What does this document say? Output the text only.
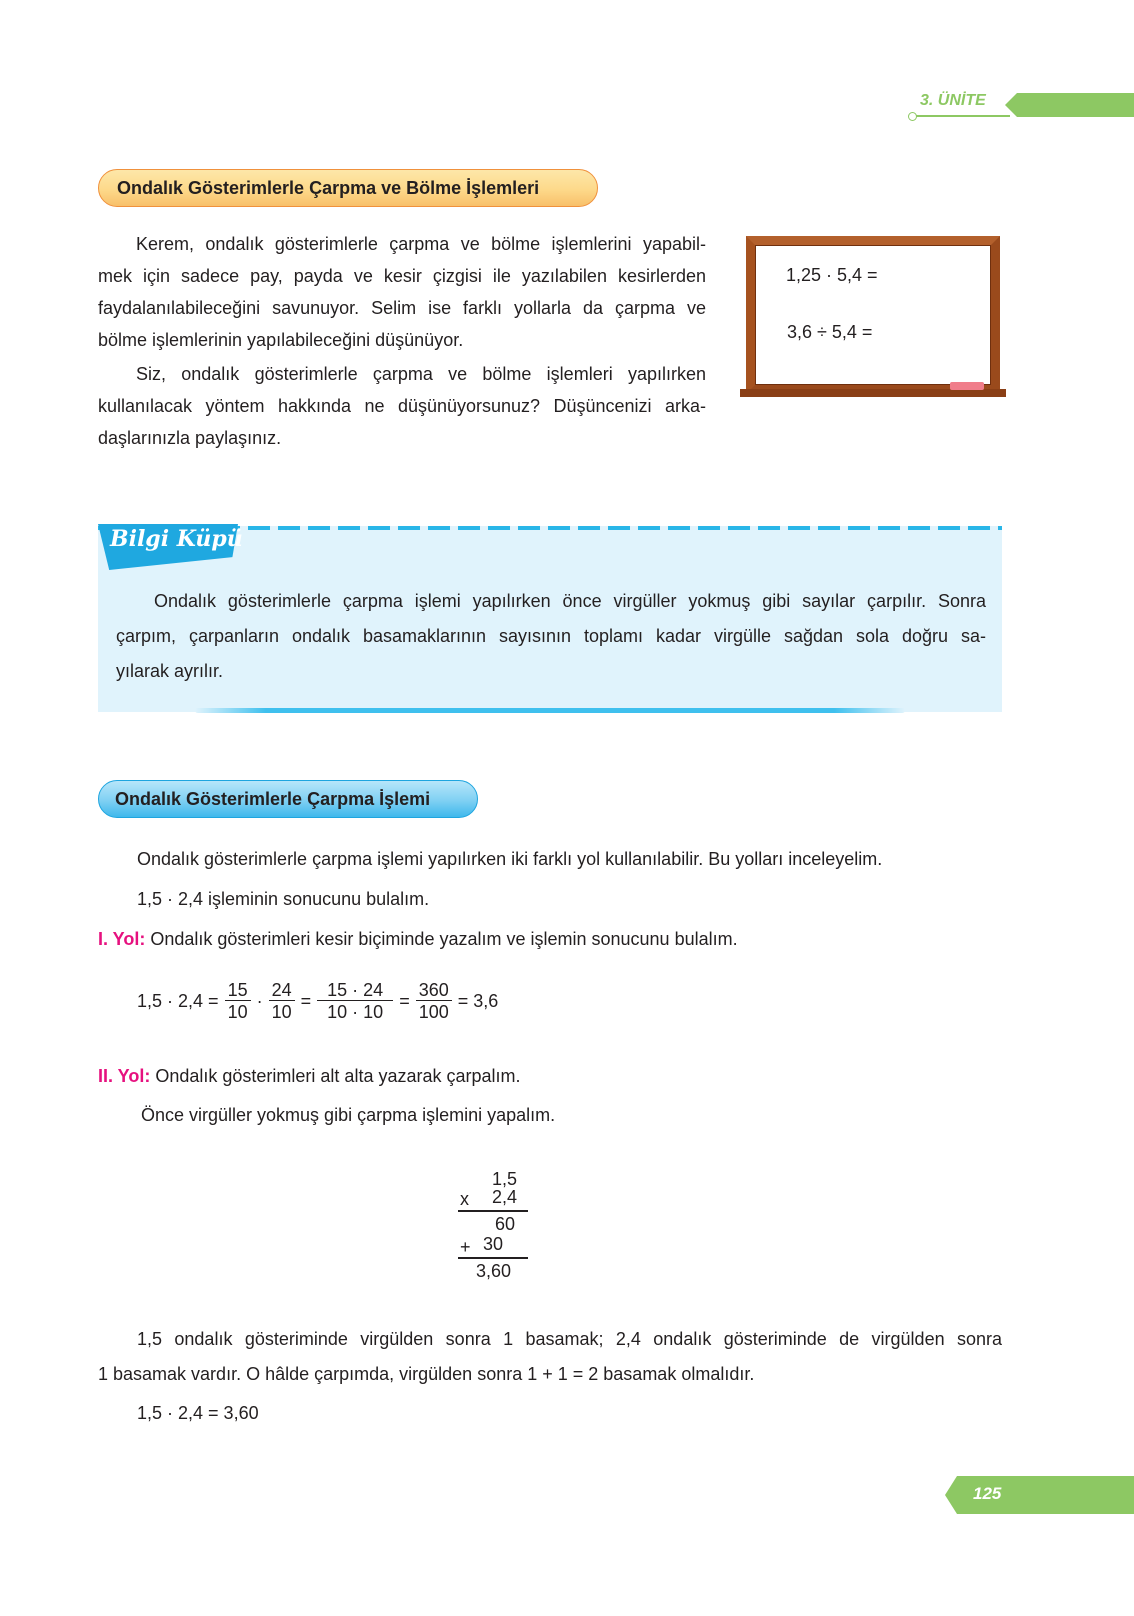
3. ÜNİTE
Ondalık Gösterimlerle Çarpma ve Bölme İşlemleri
Kerem, ondalık gösterimlerle çarpma ve bölme işlemlerini yapabil-
mek için sadece pay, payda ve kesir çizgisi ile yazılabilen kesirlerden
faydalanılabileceğini savunuyor. Selim ise farklı yollarla da çarpma ve
bölme işlemlerinin yapılabileceğini düşünüyor.
Siz, ondalık gösterimlerle çarpma ve bölme işlemleri yapılırken
kullanılacak yöntem hakkında ne düşünüyorsunuz? Düşüncenizi arka-
daşlarınızla paylaşınız.
1,25 · 5,4 =
3,6 ÷ 5,4 =
Bilgi Küpü
Ondalık gösterimlerle çarpma işlemi yapılırken önce virgüller yokmuş gibi sayılar çarpılır. Sonra
çarpım, çarpanların ondalık basamaklarının sayısının toplamı kadar virgülle sağdan sola doğru sa-
yılarak ayrılır.
Ondalık Gösterimlerle Çarpma İşlemi
Ondalık gösterimlerle çarpma işlemi yapılırken iki farklı yol kullanılabilir. Bu yolları inceleyelim.
1,5 · 2,4 işleminin sonucunu bulalım.
I. Yol: Ondalık gösterimleri kesir biçiminde yazalım ve işlemin sonucunu bulalım.
$1,5 \cdot 2,4 = \frac{15}{10} \cdot \frac{24}{10} = \frac{15 \cdot 24}{10 \cdot 10} = \frac{360}{100} = 3,6$
II. Yol: Ondalık gösterimleri alt alta yazarak çarpalım.
Önce virgüller yokmuş gibi çarpma işlemini yapalım.
1,5
x 2,4
60
+ 30
3,60
1,5 ondalık gösteriminde virgülden sonra 1 basamak; 2,4 ondalık gösteriminde de virgülden sonra
1 basamak vardır. O hâlde çarpımda, virgülden sonra 1 + 1 = 2 basamak olmalıdır.
1,5 · 2,4 = 3,60
125
